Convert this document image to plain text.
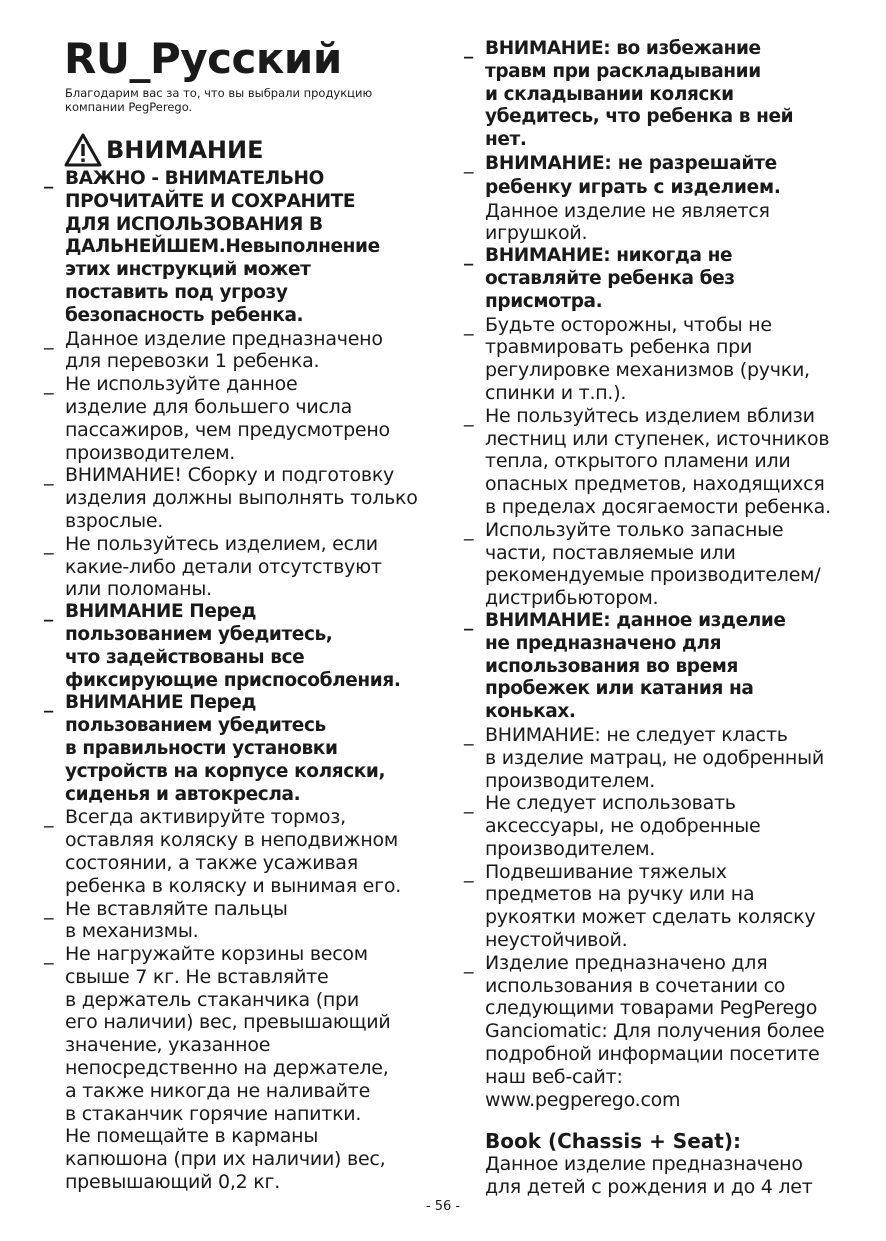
RU_Русский

Благодарим вас за то, что вы выбрали продукцию компании PegPerego.

ВНИМАНИЕ
_ ВАЖНО - ВНИМАТЕЛЬНО
ПРОЧИТАЙТЕ И СОХРАНИТЕ
ДЛЯ ИСПОЛЬЗОВАНИЯ В
ДАЛЬНЕЙШЕМ.Невыполнение
этих инструкций может
поставить под угрозу
безопасность ребенка.
_ Данное изделие предназначено
для перевозки 1 ребенка.
_ Не используйте данное
изделие для большего числа
пассажиров, чем предусмотрено
производителем.
_ ВНИМАНИЕ! Сборку и подготовку
изделия должны выполнять только
взрослые.
_ Не пользуйтесь изделием, если
какие-либо детали отсутствуют
или поломаны.
_ ВНИМАНИЕ Перед
пользованием убедитесь,
что задействованы все
фиксирующие приспособления.
_ ВНИМАНИЕ Перед
пользованием убедитесь
в правильности установки
устройств на корпусе коляски,
сиденья и автокресла.
_ Всегда активируйте тормоз,
оставляя коляску в неподвижном
состоянии, а также усаживая
ребенка в коляску и вынимая его.
_ Не вставляйте пальцы
в механизмы.
_ Не нагружайте корзины весом
свыше 7 кг. Не вставляйте
в держатель стаканчика (при
его наличии) вес, превышающий
значение, указанное
непосредственно на держателе,
а также никогда не наливайте
в стаканчик горячие напитки.
Не помещайте в карманы
капюшона (при их наличии) вес,
превышающий 0,2 кг.
_ ВНИМАНИЕ: во избежание
травм при раскладывании
и складывании коляски
убедитесь, что ребенка в ней
нет.
_ ВНИМАНИЕ: не разрешайте
ребенку играть с изделием.
Данное изделие не является
игрушкой.
_ ВНИМАНИЕ: никогда не
оставляйте ребенка без
присмотра.
_ Будьте осторожны, чтобы не
травмировать ребенка при
регулировке механизмов (ручки,
спинки и т.п.).
_ Не пользуйтесь изделием вблизи
лестниц или ступенек, источников
тепла, открытого пламени или
опасных предметов, находящихся
в пределах досягаемости ребенка.
_ Используйте только запасные
части, поставляемые или
рекомендуемые производителем/
дистрибьютором.
_ ВНИМАНИЕ: данное изделие
не предназначено для
использования во время
пробежек или катания на
коньках.
_ ВНИМАНИЕ: не следует класть
в изделие матрац, не одобренный
производителем.
_ Не следует использовать
аксессуары, не одобренные
производителем.
_ Подвешивание тяжелых
предметов на ручку или на
рукоятки может сделать коляску
неустойчивой.
_ Изделие предназначено для
использования в сочетании со
следующими товарами PegPerego
Ganciomatic: Для получения более
подробной информации посетите
наш веб-сайт:
www.pegperego.com
Book (Chassis + Seat):
Данное изделие предназначено
для детей с рождения и до 4 лет
- 56 -
